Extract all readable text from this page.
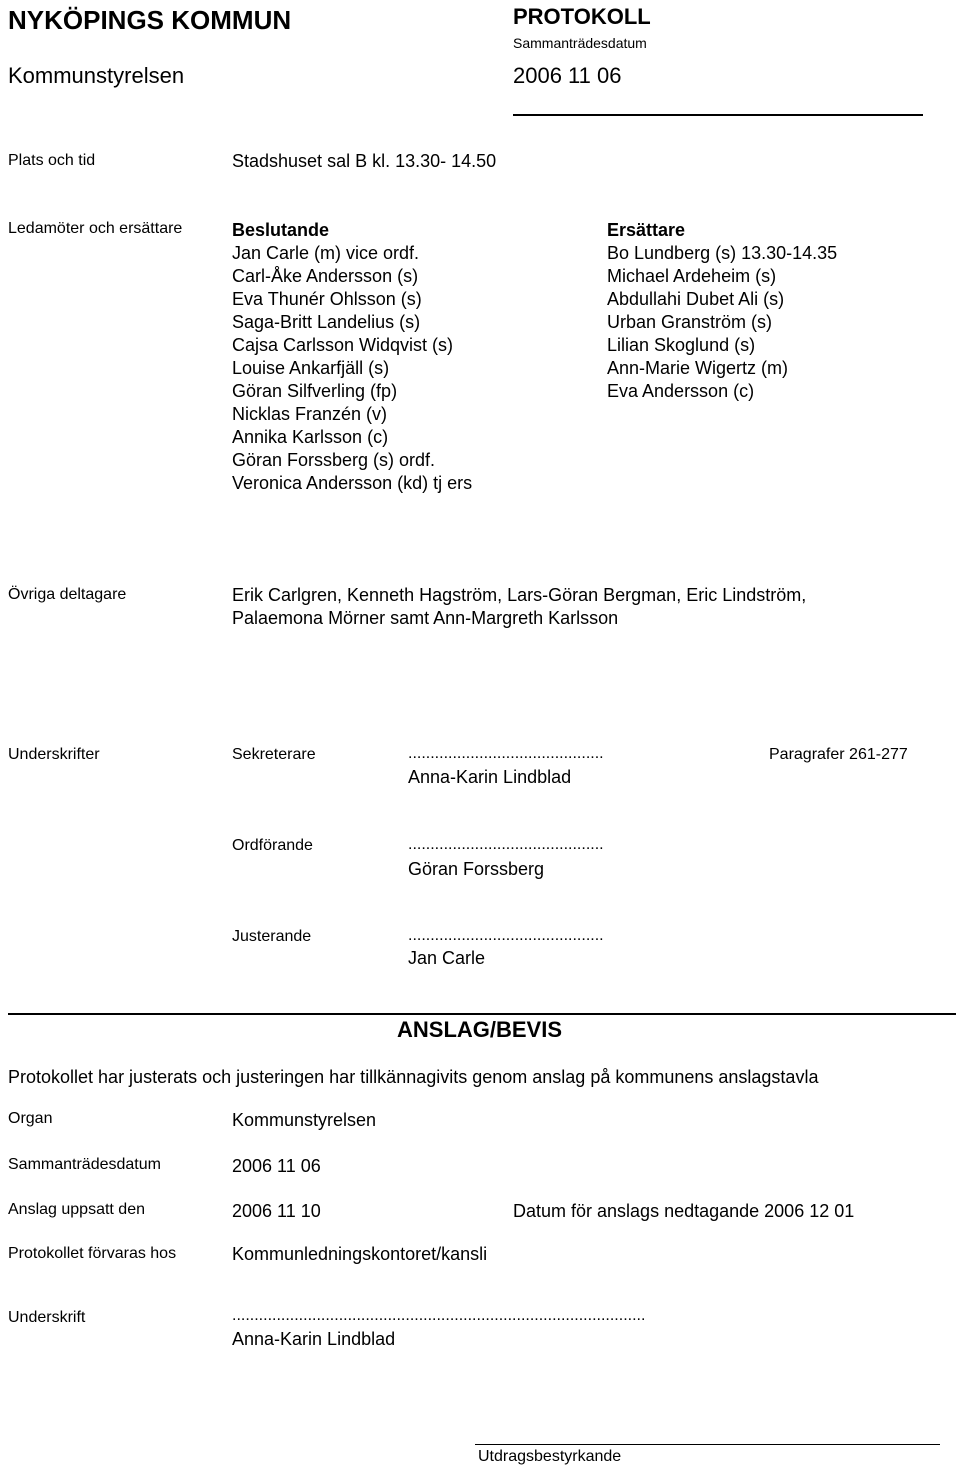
NYKÖPINGS KOMMUN
Kommunstyrelsen
PROTOKOLL
Sammanträdesdatum
2006 11 06
Plats och tid	Stadshuset sal B kl. 13.30- 14.50
Ledamöter och ersättare	Beslutande
Jan Carle (m) vice ordf.
Carl-Åke Andersson (s)
Eva Thunér Ohlsson (s)
Saga-Britt Landelius (s)
Cajsa Carlsson Widqvist (s)
Louise Ankarfjäll (s)
Göran Silfverling (fp)
Nicklas Franzén (v)
Annika Karlsson (c)
Göran Forssberg (s) ordf.
Veronica Andersson (kd) tj ers
Ersättare
Bo Lundberg (s) 13.30-14.35
Michael Ardeheim (s)
Abdullahi Dubet Ali (s)
Urban Granström (s)
Lilian Skoglund (s)
Ann-Marie Wigertz (m)
Eva Andersson (c)
Övriga deltagare	Erik Carlgren, Kenneth Hagström, Lars-Göran Bergman, Eric Lindström,
Palaemona Mörner samt Ann-Margreth Karlsson
Underskrifter	Sekreterare	............................................	Paragrafer 261-277
Anna-Karin Lindblad
Ordförande	............................................
Göran Forssberg
Justerande	............................................
Jan Carle
ANSLAG/BEVIS
Protokollet har justerats och justeringen har tillkännagivits genom anslag på kommunens anslagstavla
Organ	Kommunstyrelsen
Sammanträdesdatum	2006 11 06
Anslag uppsatt den	2006 11 10	Datum för anslags nedtagande 2006 12 01
Protokollet förvaras hos	Kommunledningskontoret/kansli
Underskrift	.............................................................................................
Anna-Karin Lindblad
Utdragsbestyrkande
